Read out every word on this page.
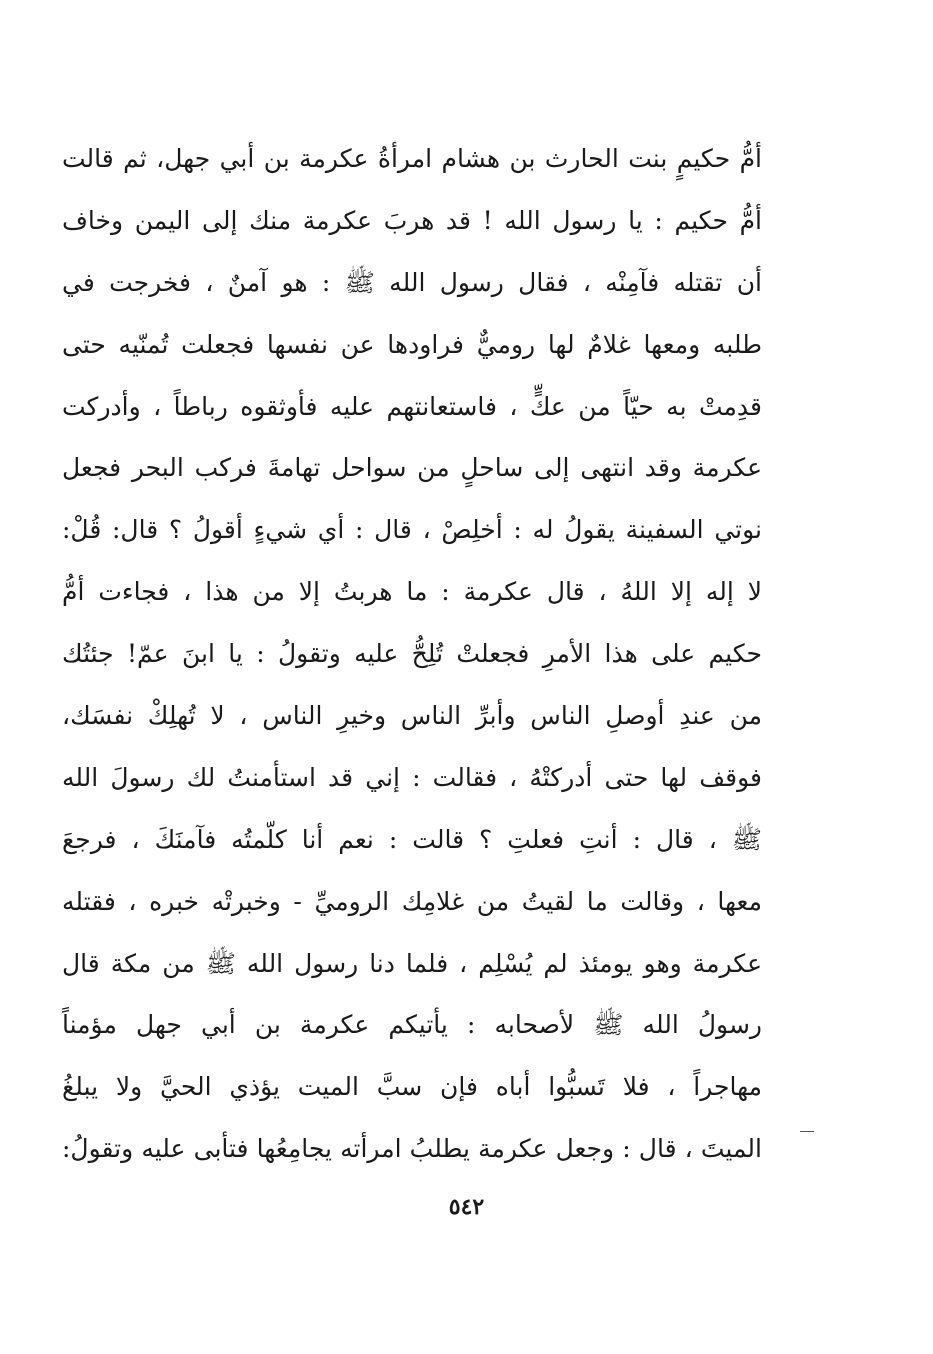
أمُّ حكيمٍ بنت الحارث بن هشام امرأةُ عكرمة بن أبي جهل، ثم قالت
أمُّ حكيم : يا رسول الله ! قد هربَ عكرمة منك إلى اليمن وخاف
أن تقتله فآمِنْه ، فقال رسول الله ﷺ : هو آمنٌ ، فخرجت في
طلبه ومعها غلامٌ لها روميٌّ فراودها عن نفسها فجعلت تُمنّيه حتى
قدِمتْ به حيّاً من عكٍّ ، فاستعانتهم عليه فأوثقوه رباطاً ، وأدركت
عكرمة وقد انتهى إلى ساحلٍ من سواحل تهامةَ فركب البحر فجعل
نوتي السفينة يقولُ له : أخلِصْ ، قال : أي شيءٍ أقولُ ؟ قال: قُلْ:
لا إله إلا اللهُ ، قال عكرمة : ما هربتُ إلا من هذا ، فجاءت أمُّ
حكيم على هذا الأمرِ فجعلتْ تُلِحُّ عليه وتقولُ : يا ابنَ عمّ! جئتُك
من عندِ أوصلِ الناس وأبرِّ الناس وخيرِ الناس ، لا تُهلِكْ نفسَك،
فوقف لها حتى أدركتْهُ ، فقالت : إني قد استأمنتُ لك رسولَ الله
ﷺ ، قال : أنتِ فعلتِ ؟ قالت : نعم أنا كلّمتُه فآمنَكَ ، فرجعَ
معها ، وقالت ما لقيتُ من غلامِك الروميِّ - وخبرتْه خبره ، فقتله
عكرمة وهو يومئذ لم يُسْلِم ، فلما دنا رسول الله ﷺ من مكة قال
رسولُ الله ﷺ لأصحابه : يأتيكم عكرمة بن أبي جهل مؤمناً
مهاجراً ، فلا تَسبُّوا أباه فإن سبَّ الميت يؤذي الحيَّ ولا يبلغُ
الميتَ ، قال : وجعل عكرمة يطلبُ امرأته يجامِعُها فتأبى عليه وتقولُ:
٥٤٢
